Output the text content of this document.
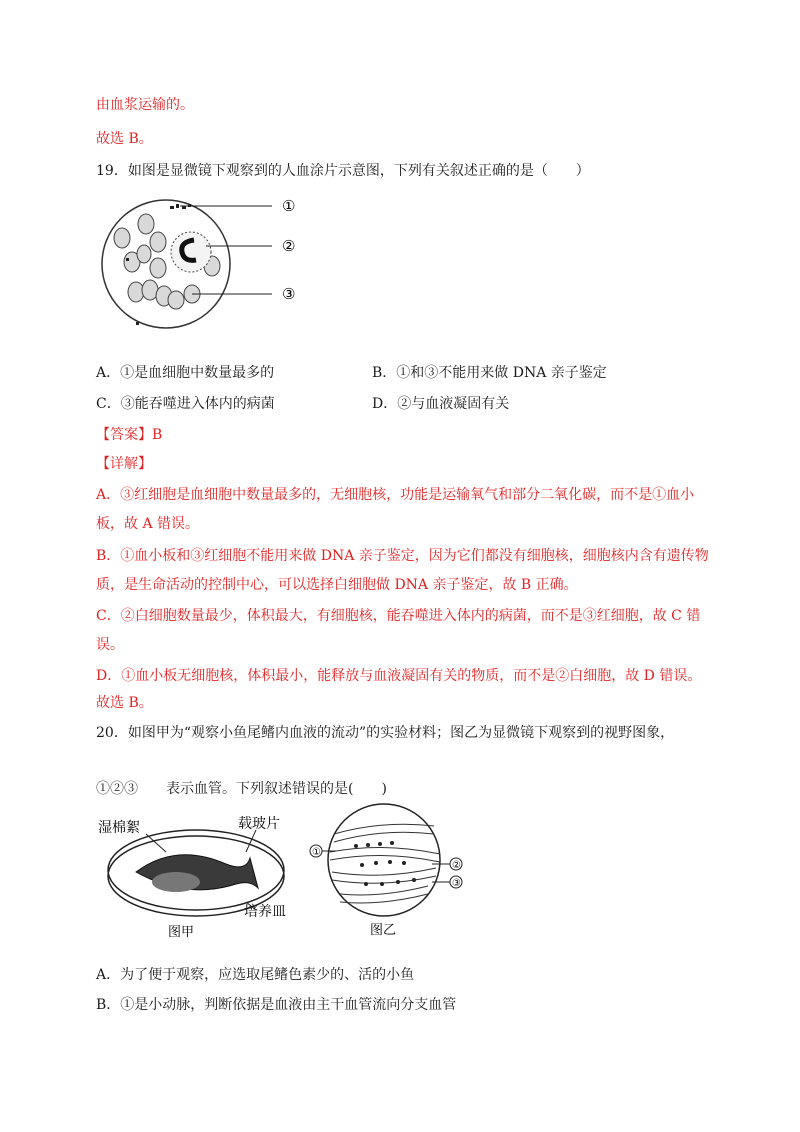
由血浆运输的。
故选 B。
19．如图是显微镜下观察到的人血涂片示意图，下列有关叙述正确的是（　　）
①
②
③
A．①是血细胞中数量最多的	B．①和③不能用来做 DNA 亲子鉴定
C．③能吞噬进入体内的病菌	D．②与血液凝固有关
【答案】B
【详解】
A．③红细胞是血细胞中数量最多的，无细胞核，功能是运输氧气和部分二氧化碳，而不是①血小
板，故 A 错误。
B．①血小板和③红细胞不能用来做 DNA 亲子鉴定，因为它们都没有细胞核，细胞核内含有遗传物
质，是生命活动的控制中心，可以选择白细胞做 DNA 亲子鉴定，故 B 正确。
C．②白细胞数量最少，体积最大，有细胞核，能吞噬进入体内的病菌，而不是③红细胞，故 C 错
误。
D．①血小板无细胞核，体积最小，能释放与血液凝固有关的物质，而不是②白细胞，故 D 错误。
故选 B。
20．如图甲为“观察小鱼尾鳍内血液的流动”的实验材料；图乙为显微镜下观察到的视野图象，
①②③　　表示血管。下列叙述错误的是(　　)
湿棉絮	载玻片
培养皿
图甲
①
②
③
图乙
A．为了便于观察，应选取尾鳍色素少的、活的小鱼
B．①是小动脉，判断依据是血液由主干血管流向分支血管
